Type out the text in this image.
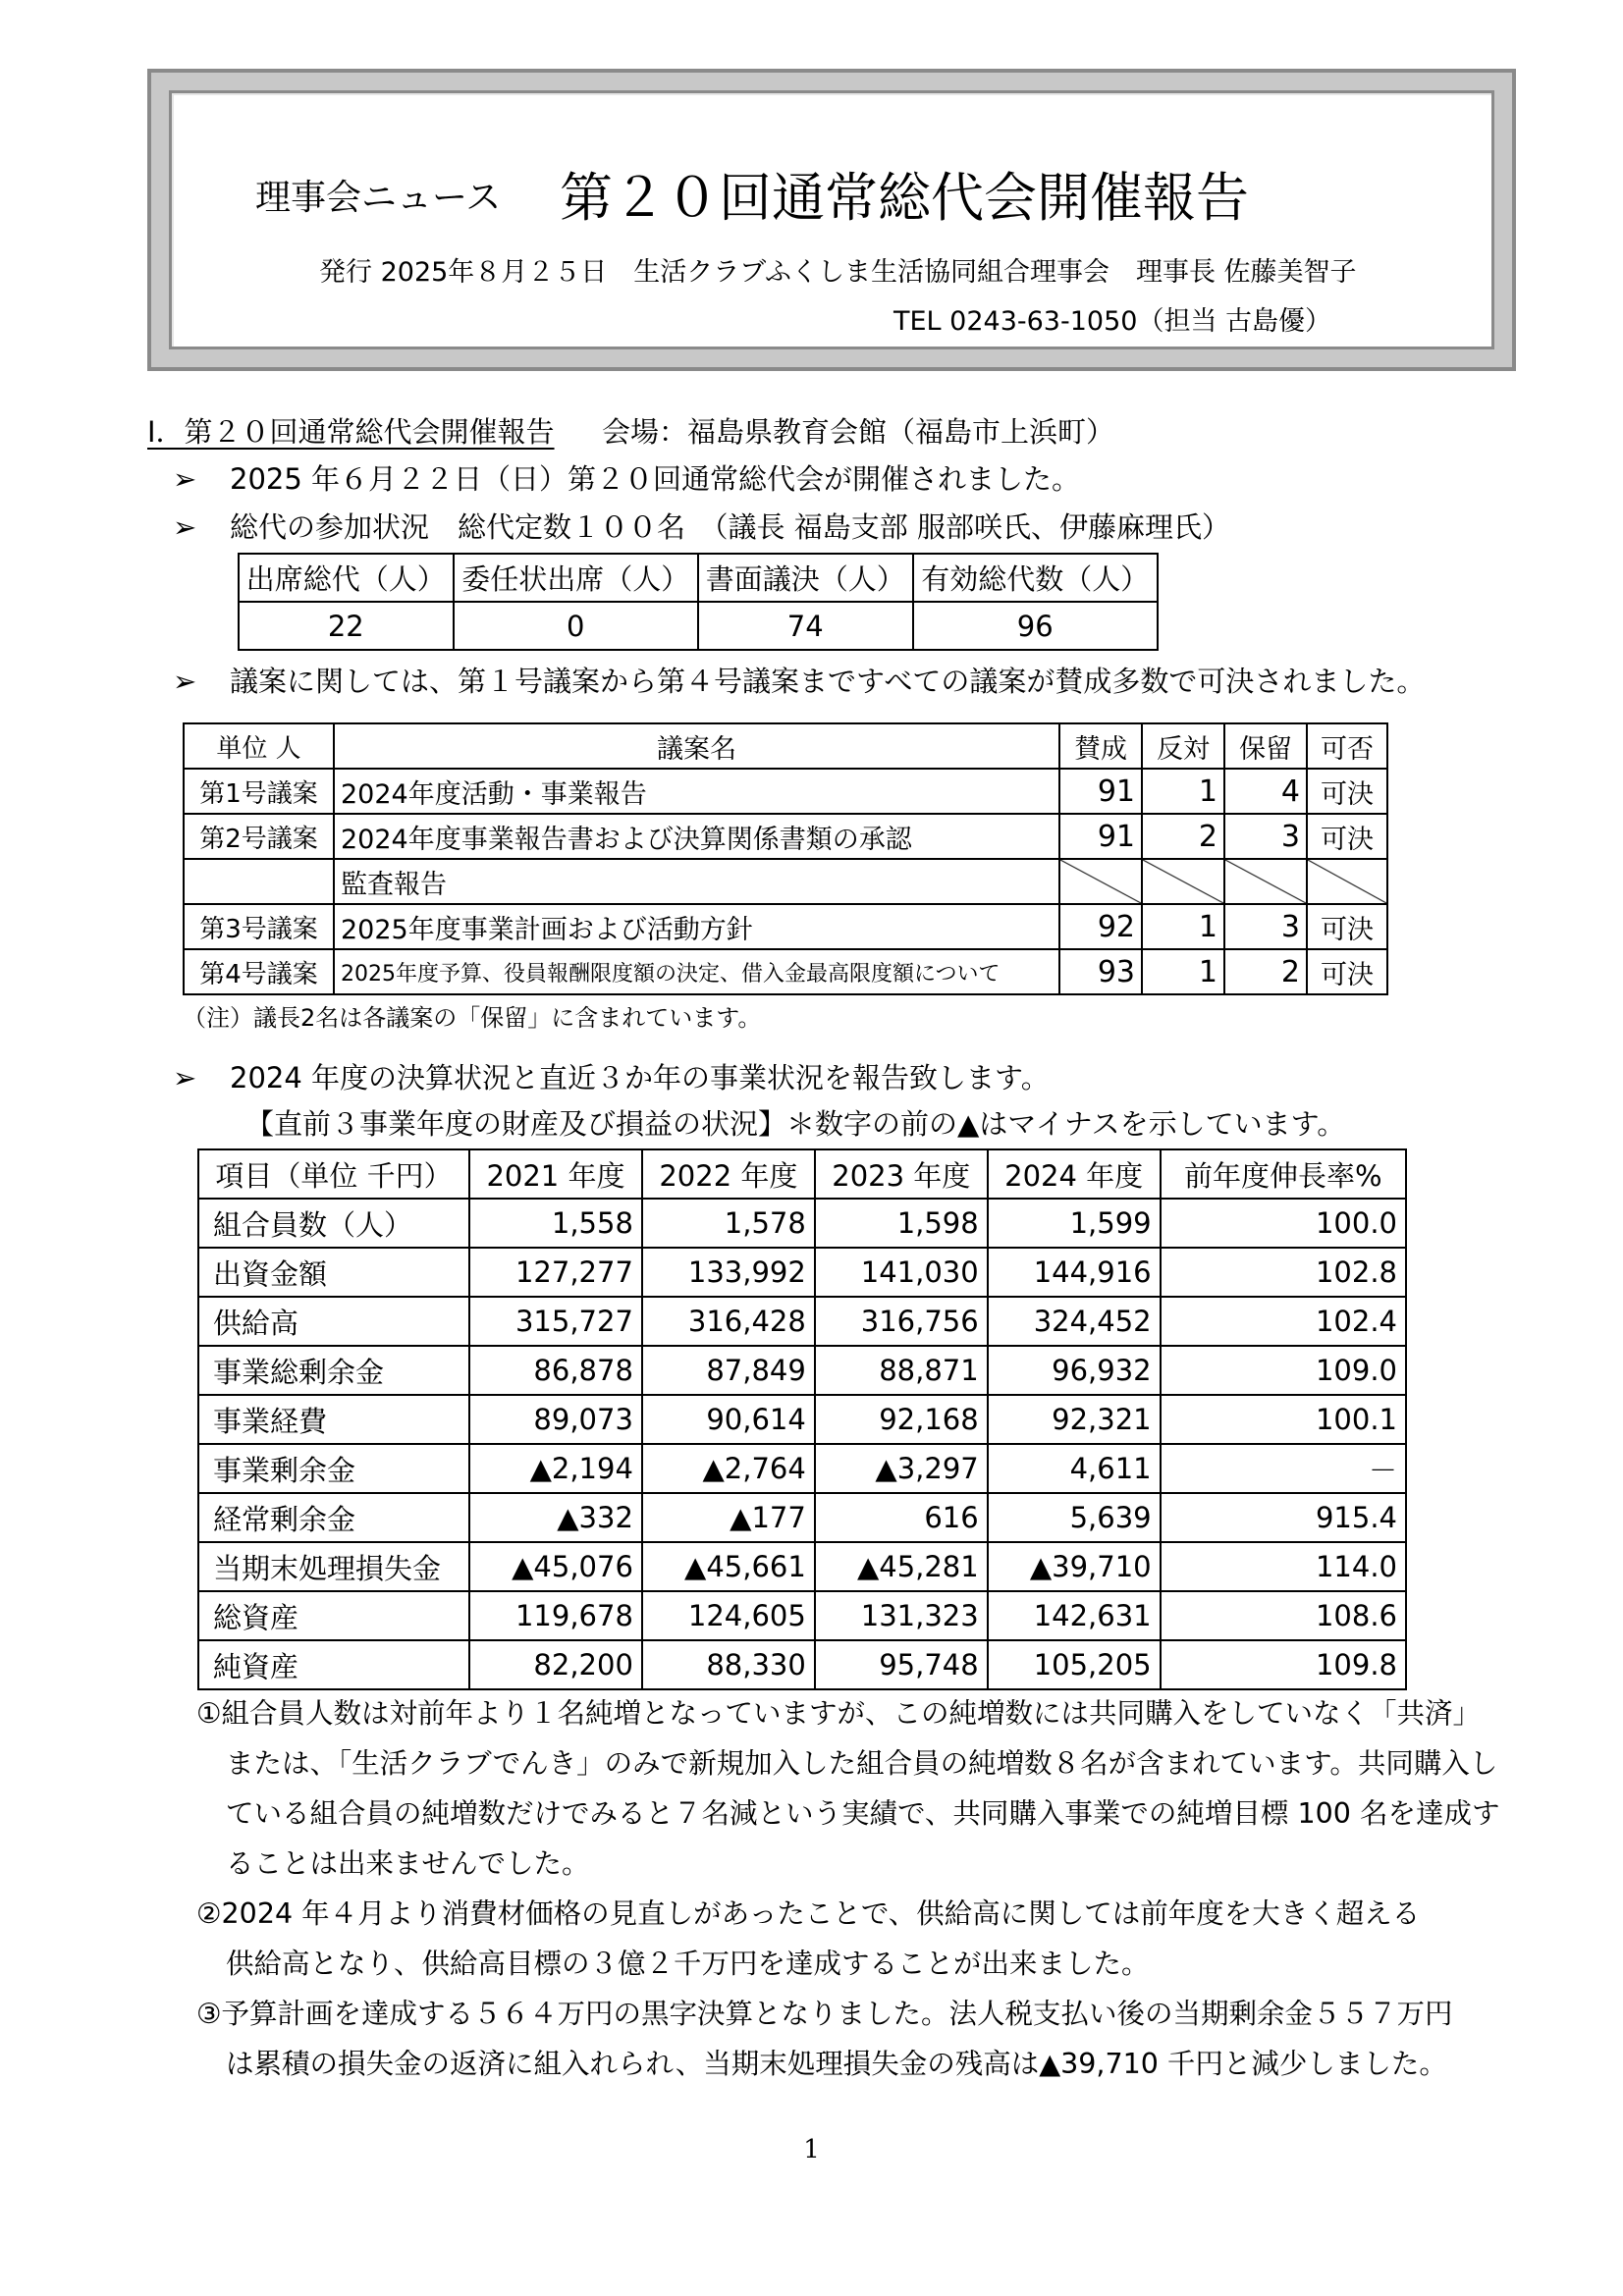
理事会ニュース 第２０回通常総代会開催報告
発行 2025年８月２５日　生活クラブふくしま生活協同組合理事会　理事長 佐藤美智子
TEL 0243-63-1050（担当 古島優）
Ⅰ．第２０回通常総代会開催報告 会場：福島県教育会館（福島市上浜町）
➢ 2025 年６月２２日（日）第２０回通常総代会が開催されました。
➢ 総代の参加状況　総代定数１００名　（議長 福島支部 服部咲氏、伊藤麻理氏）
出席総代（人）	委任状出席（人）	書面議決（人）	有効総代数（人）
22	0	74	96
➢ 議案に関しては、第１号議案から第４号議案まですべての議案が賛成多数で可決されました。
単位 人	議案名	賛成	反対	保留	可否
第1号議案	2024年度活動・事業報告	91	1	4	可決
第2号議案	2024年度事業報告書および決算関係書類の承認	91	2	3	可決
	監査報告				
第3号議案	2025年度事業計画および活動方針	92	1	3	可決
第4号議案	2025年度予算、役員報酬限度額の決定、借入金最高限度額について	93	1	2	可決
（注）議長2名は各議案の「保留」に含まれています。
➢ 2024 年度の決算状況と直近３か年の事業状況を報告致します。
【直前３事業年度の財産及び損益の状況】＊数字の前の▲はマイナスを示しています。
項目（単位 千円）	2021 年度	2022 年度	2023 年度	2024 年度	前年度伸長率%
組合員数（人）	1,558	1,578	1,598	1,599	100.0
出資金額	127,277	133,992	141,030	144,916	102.8
供給高	315,727	316,428	316,756	324,452	102.4
事業総剰余金	86,878	87,849	88,871	96,932	109.0
事業経費	89,073	90,614	92,168	92,321	100.1
事業剰余金	▲2,194	▲2,764	▲3,297	4,611	－
経常剰余金	▲332	▲177	616	5,639	915.4
当期末処理損失金	▲45,076	▲45,661	▲45,281	▲39,710	114.0
総資産	119,678	124,605	131,323	142,631	108.6
純資産	82,200	88,330	95,748	105,205	109.8
①組合員人数は対前年より１名純増となっていますが、この純増数には共同購入をしていなく「共済」
または、「生活クラブでんき」のみで新規加入した組合員の純増数８名が含まれています。共同購入している組合員の純増数だけでみると７名減という実績で、共同購入事業での純増目標 100 名を達成することは出来ませんでした。
②2024 年４月より消費材価格の見直しがあったことで、供給高に関しては前年度を大きく超える
供給高となり、供給高目標の３億２千万円を達成することが出来ました。
③予算計画を達成する５６４万円の黒字決算となりました。法人税支払い後の当期剰余金５５７万円
は累積の損失金の返済に組入れられ、当期末処理損失金の残高は▲39,710 千円と減少しました。
1
